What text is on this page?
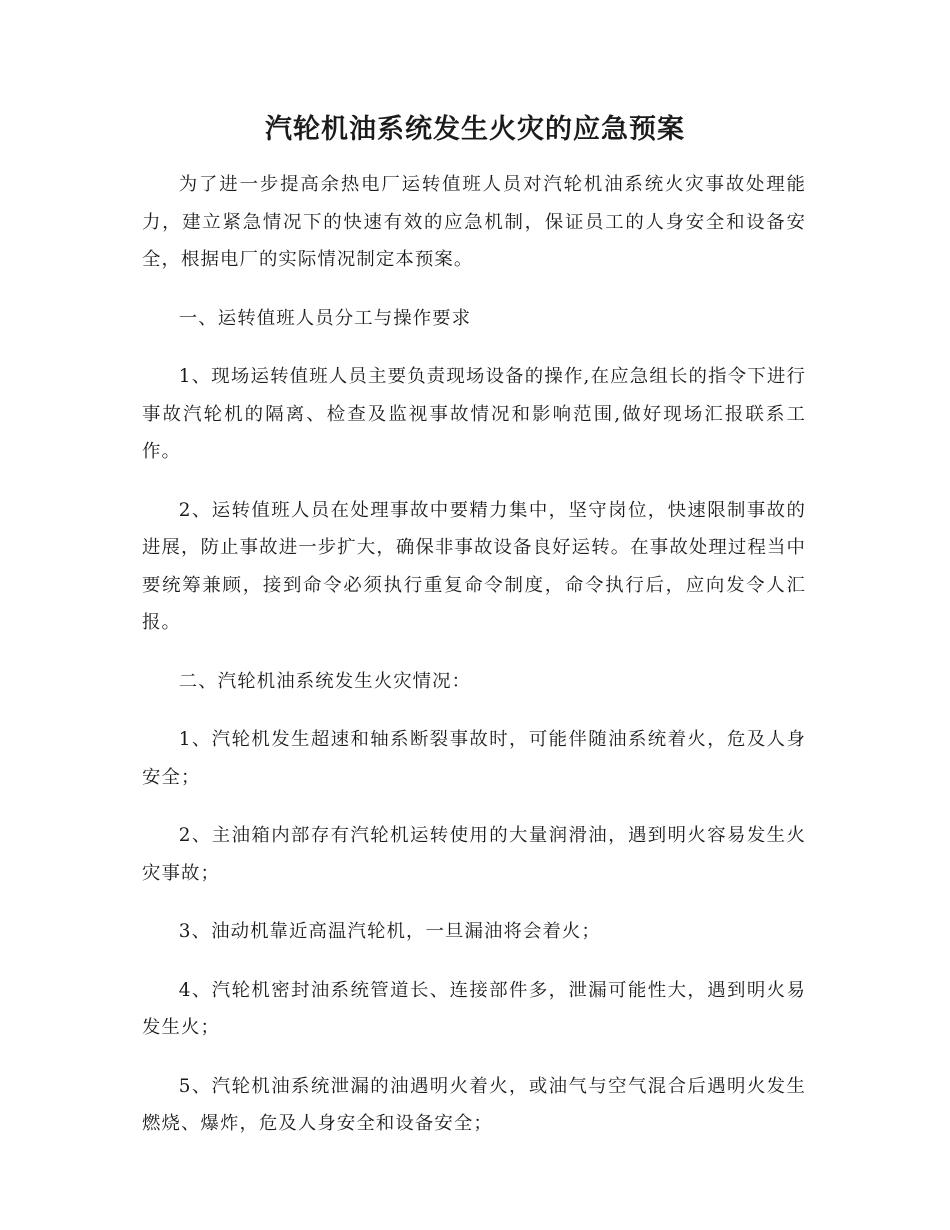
汽轮机油系统发生火灾的应急预案

为了进一步提高余热电厂运转值班人员对汽轮机油系统火灾事故处理能力，建立紧急情况下的快速有效的应急机制，保证员工的人身安全和设备安全，根据电厂的实际情况制定本预案。

一、运转值班人员分工与操作要求

1、现场运转值班人员主要负责现场设备的操作,在应急组长的指令下进行事故汽轮机的隔离、检查及监视事故情况和影响范围,做好现场汇报联系工作。

2、运转值班人员在处理事故中要精力集中，坚守岗位，快速限制事故的进展，防止事故进一步扩大，确保非事故设备良好运转。在事故处理过程当中要统筹兼顾，接到命令必须执行重复命令制度，命令执行后，应向发令人汇报。

二、汽轮机油系统发生火灾情况：

1、汽轮机发生超速和轴系断裂事故时，可能伴随油系统着火，危及人身安全；

2、主油箱内部存有汽轮机运转使用的大量润滑油，遇到明火容易发生火灾事故；

3、油动机靠近高温汽轮机，一旦漏油将会着火；

4、汽轮机密封油系统管道长、连接部件多，泄漏可能性大，遇到明火易发生火；

5、汽轮机油系统泄漏的油遇明火着火，或油气与空气混合后遇明火发生燃烧、爆炸，危及人身安全和设备安全；
